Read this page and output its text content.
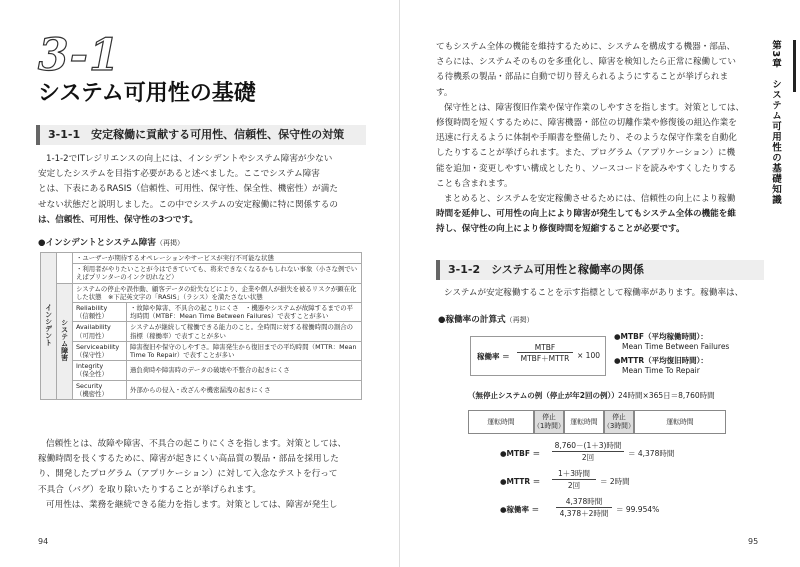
3-1
システム可用性の基礎
3-1-1　安定稼働に貢献する可用性、信頼性、保守性の対策
1-1-2でITレジリエンスの向上には、インシデントやシステム障害が少ない
安定したシステムを目指す必要があると述べました。ここでシステム障害
とは、下表にあるRASIS（信頼性、可用性、保守性、保全性、機密性）が満た
せない状態だと説明しました。この中でシステムの安定稼働に特に関係するの
は、信頼性、可用性、保守性の3つです。
●インシデントとシステム障害（再掲）
インシデント		・ユーザーが期待するオペレーションやサービスが実行不可能な状態	
		・利用者がやりたいことが今はできていても、将来できなくなるかもしれない事象（小さな例でいえばプリンターのインク切れなど）	
	システム障害	システムの停止や誤作動、顧客データの紛失などにより、企業や個人が損失を被るリスクが顕在化した状態　※下記英文字の「RASIS」（ラシス）を満たさない状態	
		Reliability
（信頼性）	・故障や障害、不具合の起こりにくさ　・機器やシステムが故障するまでの平均時間（MTBF：Mean Time Between Failures）で表すことが多い
		Availability
（可用性）	システムが継続して稼働できる能力のこと。全時間に対する稼働時間の割合の指標（稼働率）で表すことが多い
		Serviceability
（保守性）	障害復旧や保守のしやすさ。障害発生から復旧までの平均時間（MTTR：Mean Time To Repair）で表すことが多い
		Integrity
（保全性）	過負荷時や障害時のデータの破壊や不整合の起きにくさ
		Security
（機密性）	外部からの侵入・改ざんや機密漏洩の起きにくさ
信頼性とは、故障や障害、不具合の起こりにくさを指します。対策としては、
稼働時間を長くするために、障害が起きにくい高品質の製品・部品を採用した
り、開発したプログラム（アプリケーション）に対して入念なテストを行って
不具合（バグ）を取り除いたりすることが挙げられます。
可用性は、業務を継続できる能力を指します。対策としては、障害が発生し
94
第3章　システム可用性の基礎知識
てもシステム全体の機能を維持するために、システムを構成する機器・部品、
さらには、システムそのものを多重化し、障害を検知したら正常に稼働してい
る待機系の製品・部品に自動で切り替えられるようにすることが挙げられま
す。
保守性とは、障害復旧作業や保守作業のしやすさを指します。対策としては、
修復時間を短くするために、障害機器・部位の切離作業や修復後の組込作業を
迅速に行えるように体制や手順書を整備したり、そのような保守作業を自動化
したりすることが挙げられます。また、プログラム（アプリケーション）に機
能を追加・変更しやすい構成としたり、ソースコードを読みやすくしたりする
ことも含まれます。
まとめると、システムを安定稼働させるためには、信頼性の向上により稼働
時間を延伸し、可用性の向上により障害が発生してもシステム全体の機能を維
持し、保守性の向上により修復時間を短縮することが必要です。
3-1-2　システム可用性と稼働率の関係
システムが安定稼働することを示す指標として稼働率があります。稼働率は、
●稼働率の計算式（再掲）
稼働率 ＝
MTBF
MTBF＋MTTR	× 100
●MTBF（平均稼働時間）：
Mean Time Between Failures
●MTTR（平均復旧時間）：
Mean Time To Repair
（無停止システムの例（停止が年2回の例）） 24時間×365日＝8,760時間
運転時間
停止
（1時間）
運転時間
停止
（3時間）
運転時間
●MTBF ＝
8,760－(1＋3)時間
2回	＝ 4,378時間
●MTTR ＝
1＋3時間
2回	＝ 2時間
●稼働率 ＝
4,378時間
4,378＋2時間	＝ 99.954%
95
